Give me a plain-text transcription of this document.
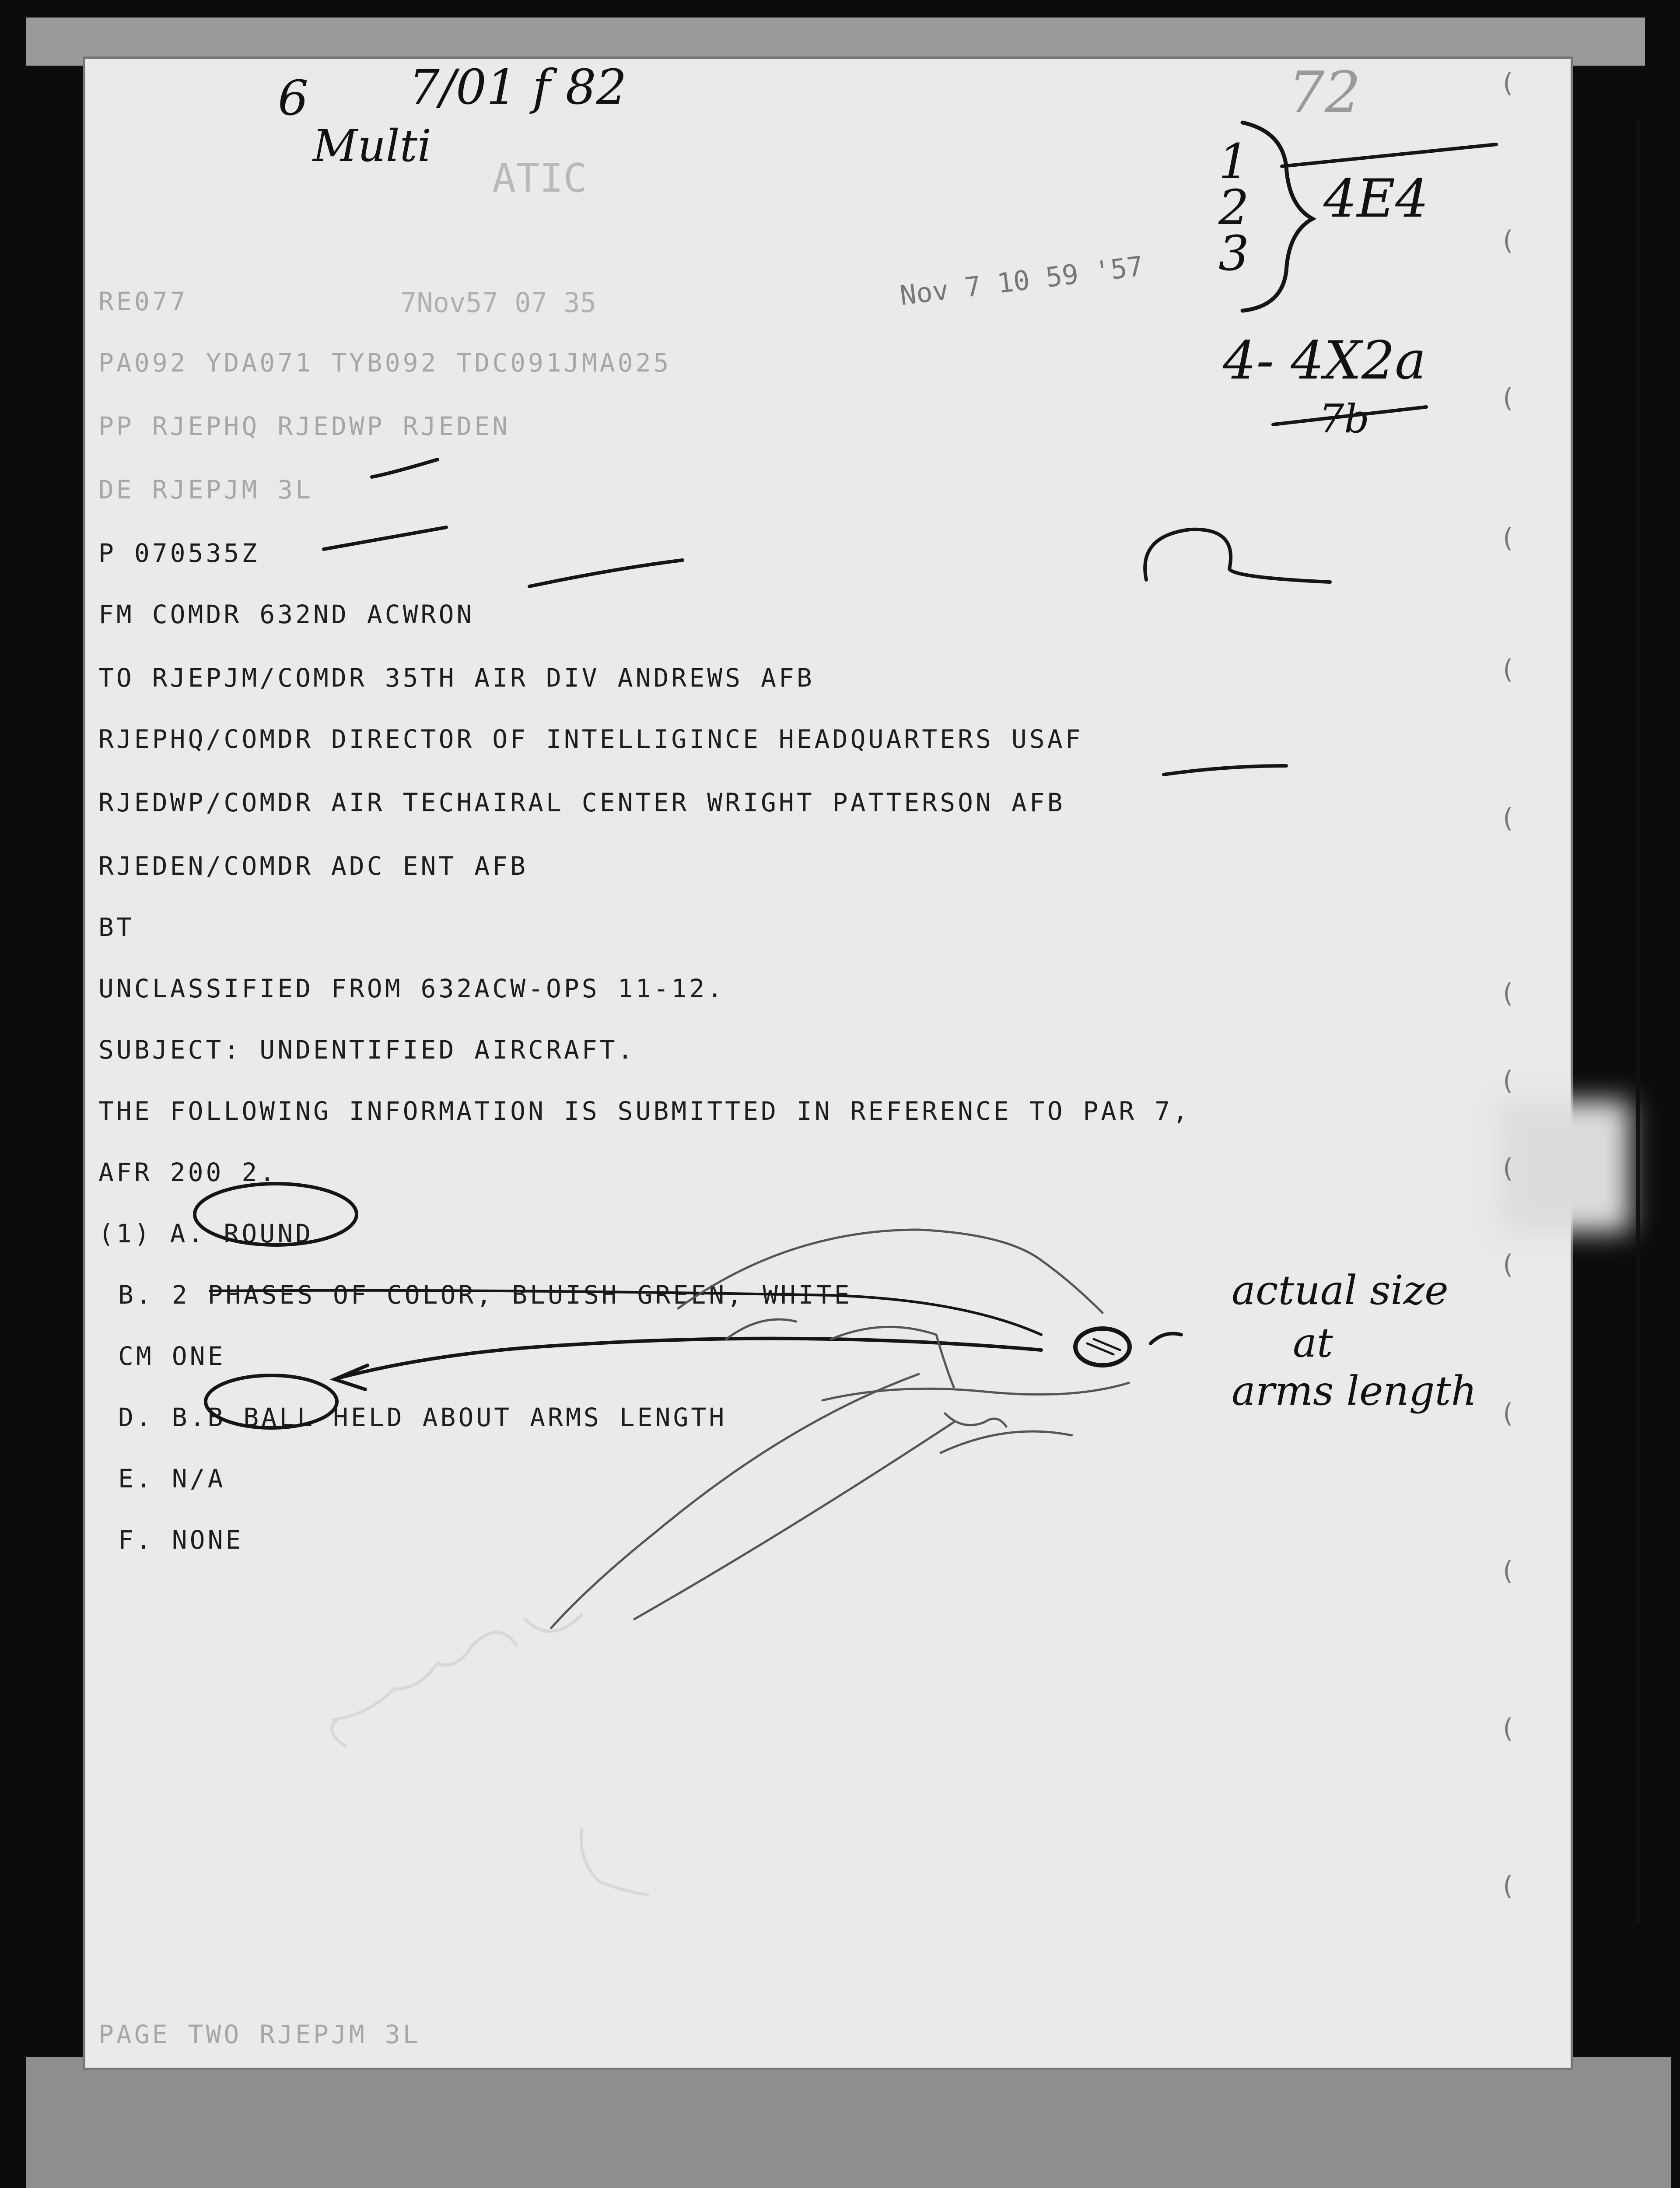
(
(
(
(
(
(
(
(
(
(
(
(
(
(
ATIC
7Nov57 07 35	Nov 7 10 59 '57
RE077
PA092 YDA071 TYB092 TDC091JMA025
PP RJEPHQ RJEDWP RJEDEN
DE RJEPJM 3L
P 070535Z
FM COMDR 632ND ACWRON
TO RJEPJM/COMDR 35TH AIR DIV ANDREWS AFB
RJEPHQ/COMDR DIRECTOR OF INTELLIGINCE HEADQUARTERS USAF
RJEDWP/COMDR AIR TECHAIRAL CENTER WRIGHT PATTERSON AFB
RJEDEN/COMDR ADC ENT AFB
BT
UNCLASSIFIED FROM 632ACW-OPS 11-12.
SUBJECT: UNDENTIFIED AIRCRAFT.
THE FOLLOWING INFORMATION IS SUBMITTED IN REFERENCE TO PAR 7,
AFR 200 2.
(1) A. ROUND
B. 2 PHASES OF COLOR, BLUISH GREEN, WHITE
CM ONE
D. B.B BALL HELD ABOUT ARMS LENGTH
E. N/A
F. NONE
PAGE TWO RJEPJM 3L
6 7/01 f 82
Multi	1
2
3
4E4
4- 4X2a
7b
72
actual size
at
arms length
